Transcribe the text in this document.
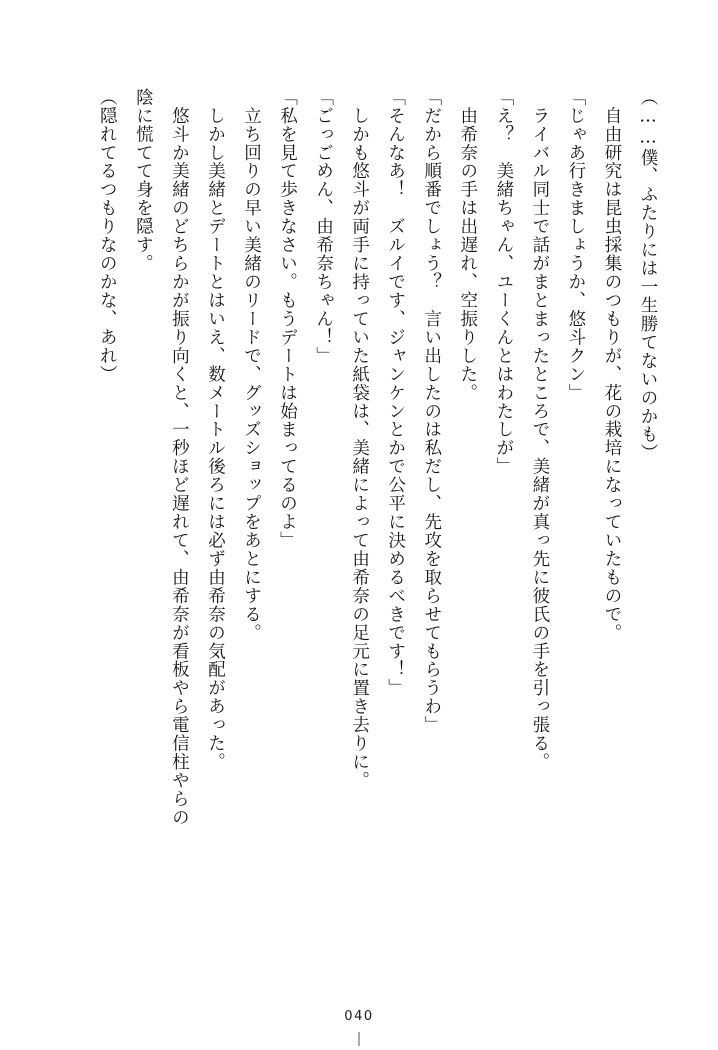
（……僕、ふたりには一生勝てないのかも）

　自由研究は昆虫採集のつもりが、花の栽培になっていたもので。

「じゃあ行きましょうか、悠斗クン」

　ライバル同士で話がまとまったところで、美緒が真っ先に彼氏の手を引っ張る。

「え？　美緒ちゃん、ユーくんとはわたしが」

　由希奈の手は出遅れ、空振りした。

「だから順番でしょう？　言い出したのは私だし、先攻を取らせてもらうわ」

「そんなあ！　ズルイです、ジャンケンとかで公平に決めるべきです！」

　しかも悠斗が両手に持っていた紙袋は、美緒によって由希奈の足元に置き去りに。

「ごっごめん、由希奈ちゃん！」

「私を見て歩きなさい。もうデートは始まってるのよ」

　立ち回りの早い美緒のリードで、グッズショップをあとにする。

　しかし美緒とデートとはいえ、数メートル後ろには必ず由希奈の気配があった。

　悠斗か美緒のどちらかが振り向くと、一秒ほど遅れて、由希奈が看板やら電信柱やらの

陰に慌てて身を隠す。

（隠れてるつもりなのかな、あれ）

040
